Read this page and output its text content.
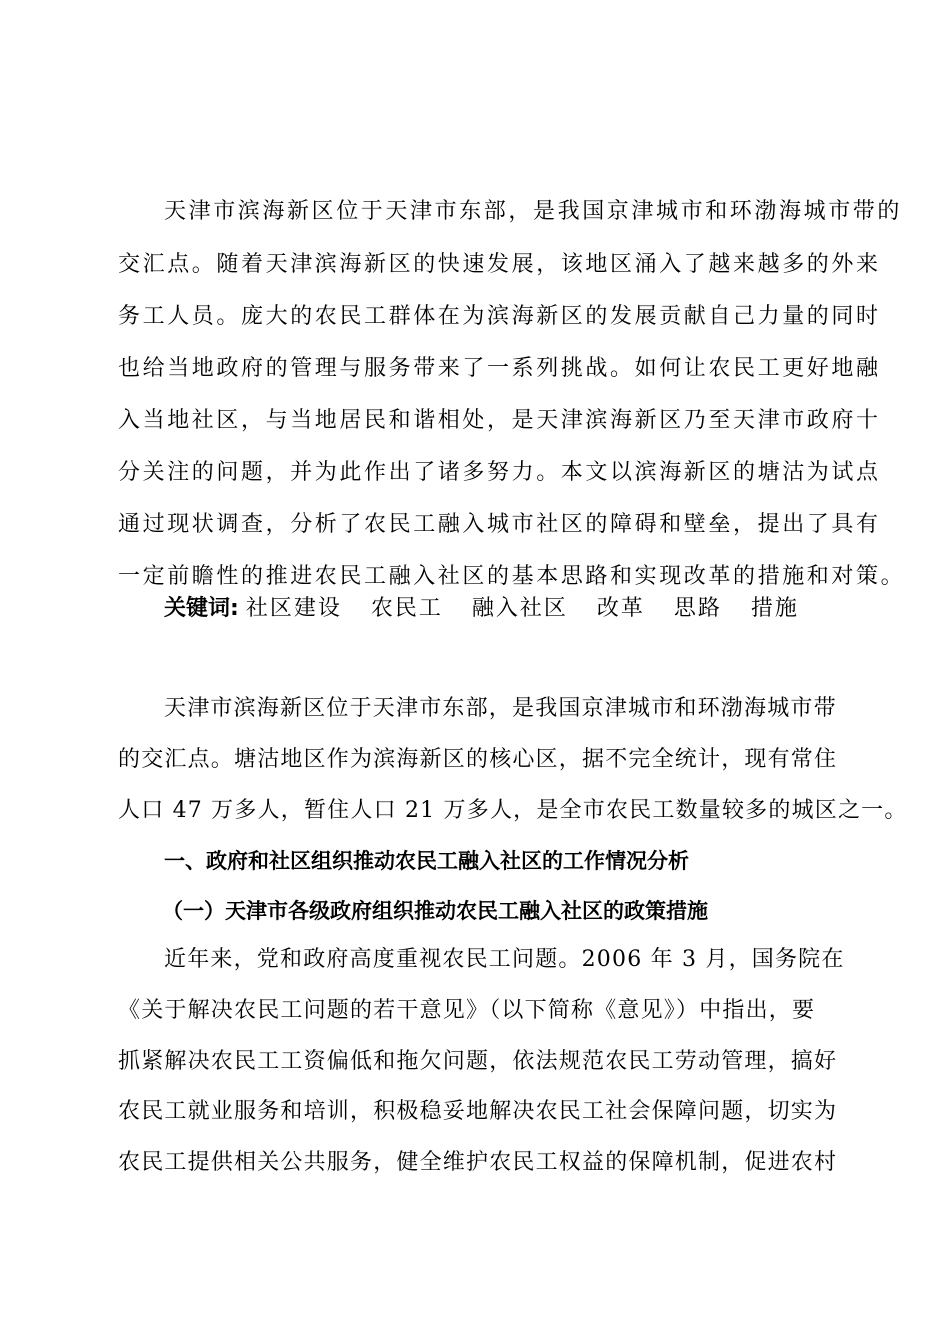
天津市滨海新区位于天津市东部，是我国京津城市和环渤海城市带的
交汇点。随着天津滨海新区的快速发展，该地区涌入了越来越多的外来
务工人员。庞大的农民工群体在为滨海新区的发展贡献自己力量的同时
也给当地政府的管理与服务带来了一系列挑战。如何让农民工更好地融
入当地社区，与当地居民和谐相处，是天津滨海新区乃至天津市政府十
分关注的问题，并为此作出了诸多努力。本文以滨海新区的塘沽为试点
通过现状调查，分析了农民工融入城市社区的障碍和壁垒，提出了具有
一定前瞻性的推进农民工融入社区的基本思路和实现改革的措施和对策。
关键词: 社区建设 农民工 融入社区 改革 思路 措施
天津市滨海新区位于天津市东部，是我国京津城市和环渤海城市带
的交汇点。塘沽地区作为滨海新区的核心区，据不完全统计，现有常住
人口 47 万多人，暂住人口 21 万多人，是全市农民工数量较多的城区之一。
一、政府和社区组织推动农民工融入社区的工作情况分析
（一）天津市各级政府组织推动农民工融入社区的政策措施
近年来，党和政府高度重视农民工问题。2006 年 3 月，国务院在
《关于解决农民工问题的若干意见》（以下简称《意见》）中指出，要
抓紧解决农民工工资偏低和拖欠问题，依法规范农民工劳动管理，搞好
农民工就业服务和培训，积极稳妥地解决农民工社会保障问题，切实为
农民工提供相关公共服务，健全维护农民工权益的保障机制，促进农村
